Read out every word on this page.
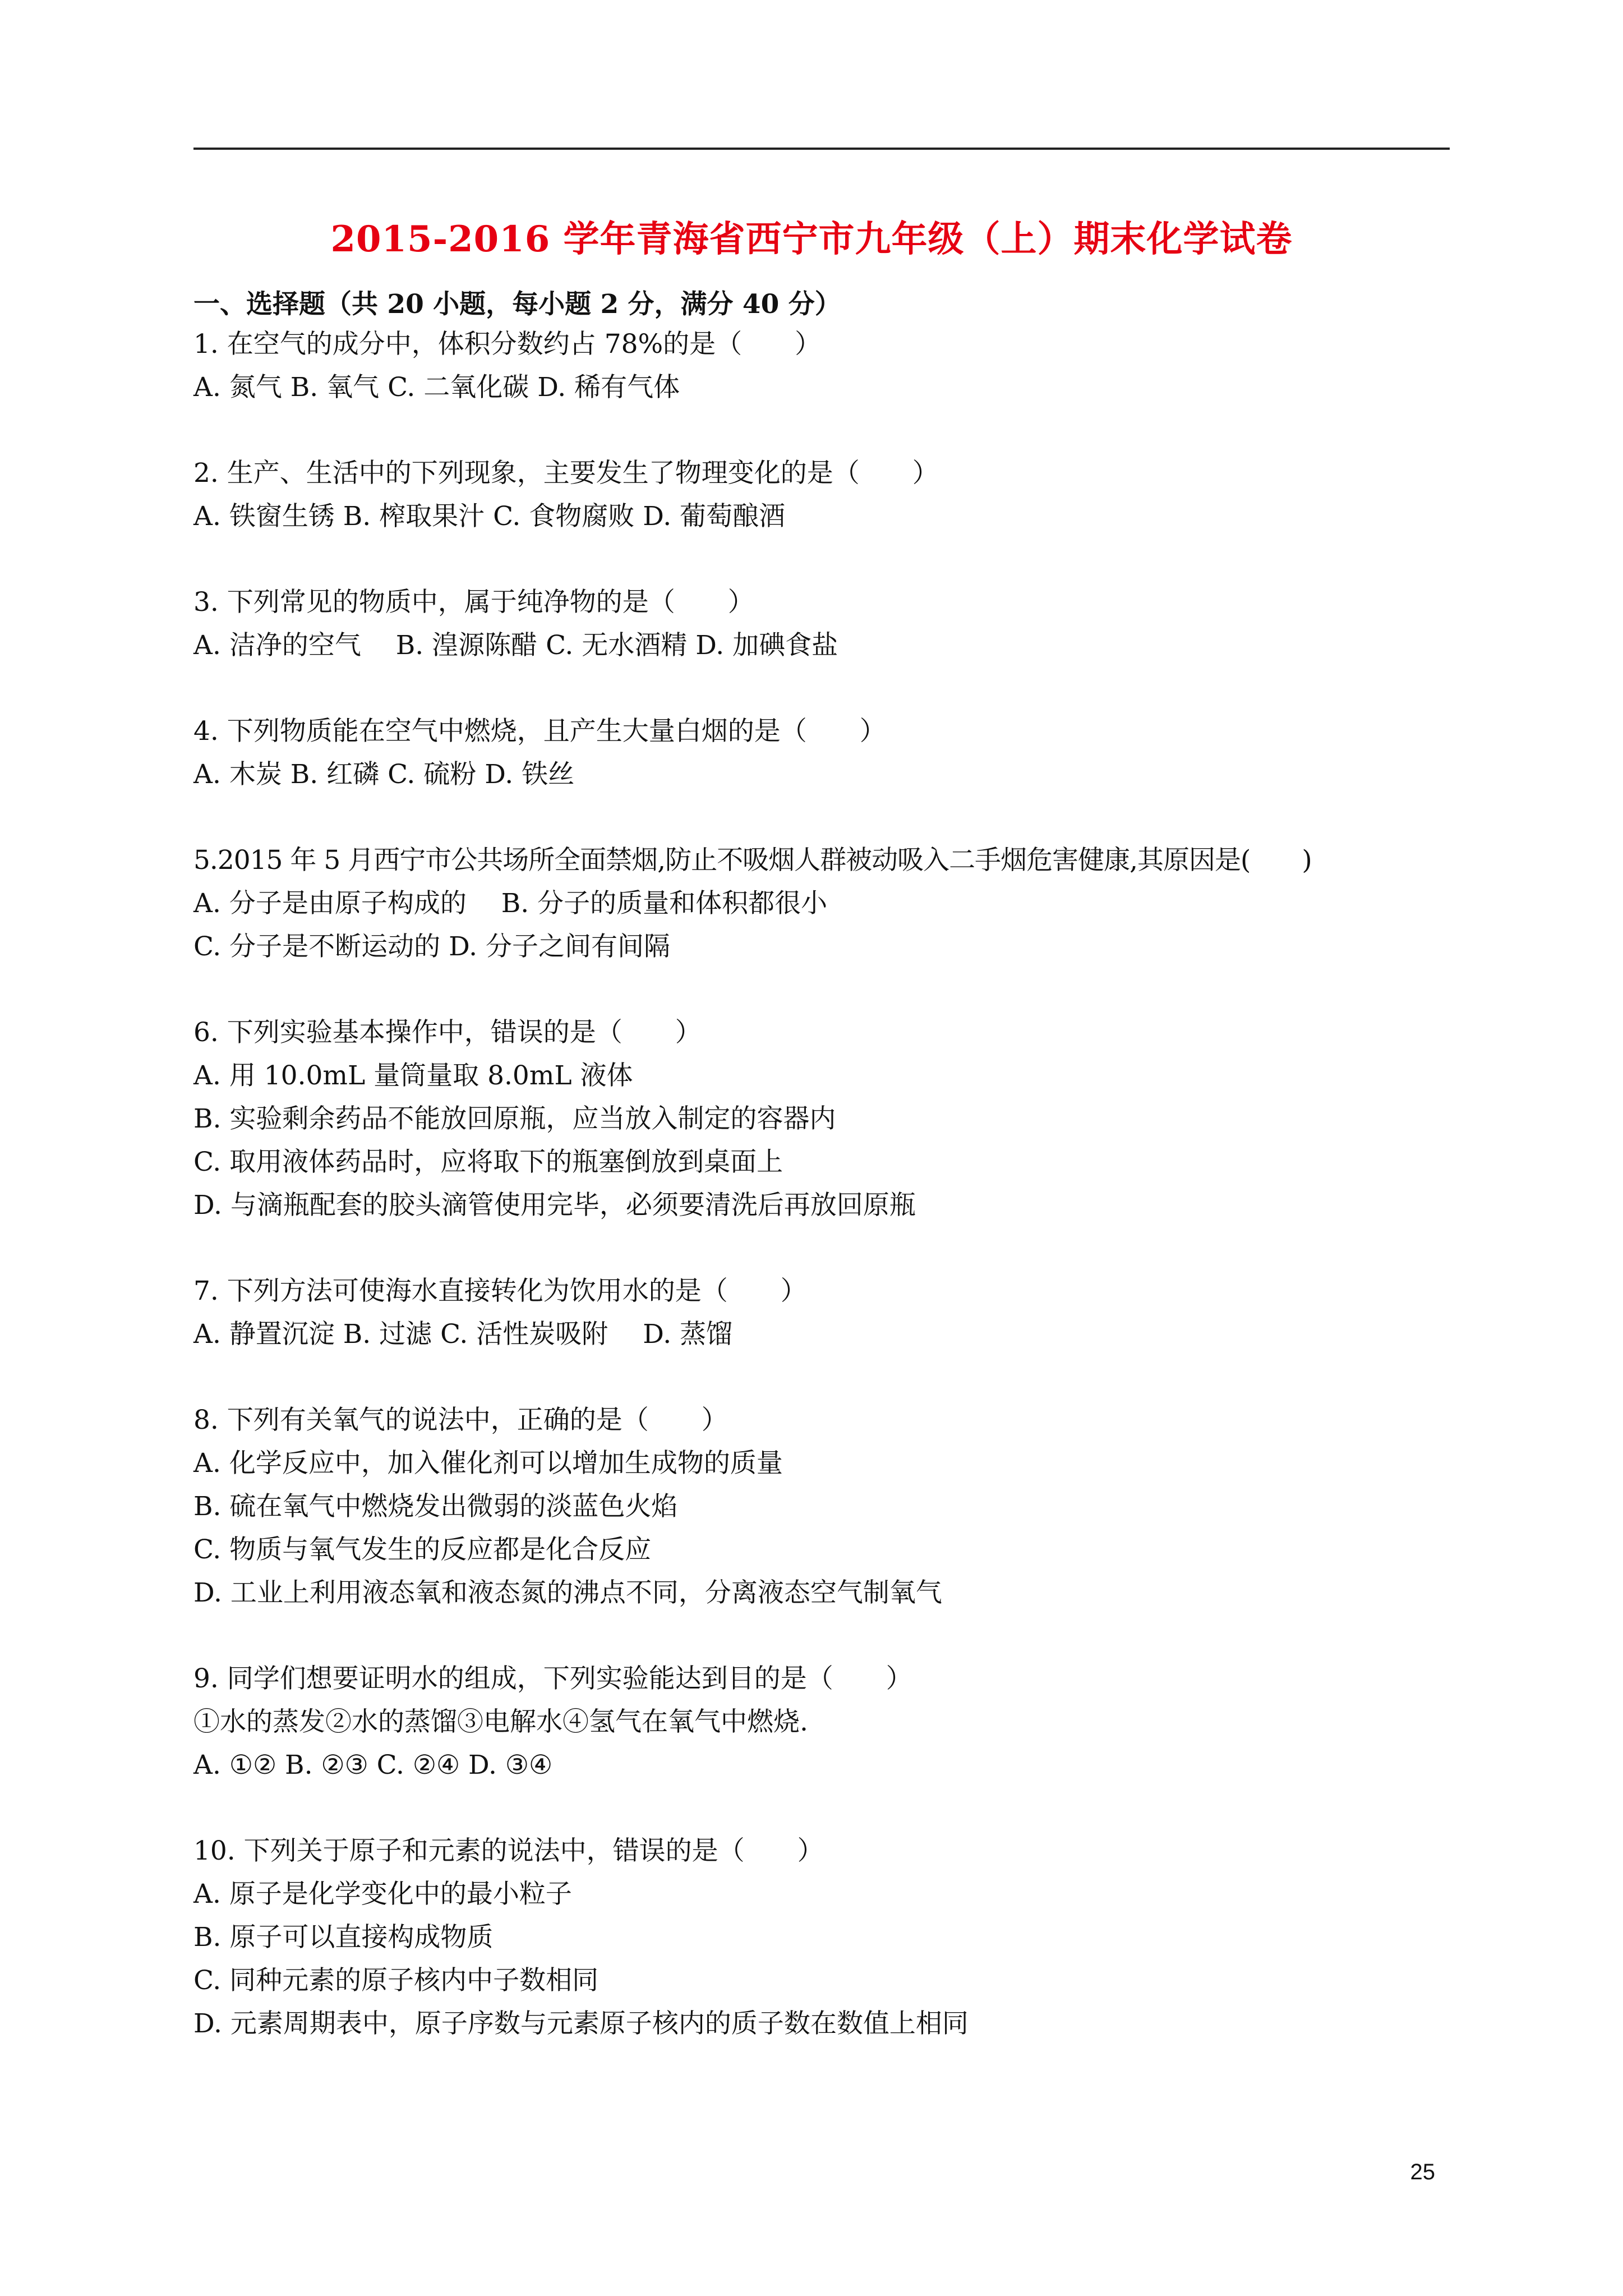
2015-2016 学年青海省西宁市九年级（上）期末化学试卷
一、选择题（共 20 小题，每小题 2 分，满分 40 分）
1. 在空气的成分中，体积分数约占 78%的是（　　）
A. 氮气 B. 氧气 C. 二氧化碳 D. 稀有气体
2. 生产、生活中的下列现象，主要发生了物理变化的是（　　）
A. 铁窗生锈 B. 榨取果汁 C. 食物腐败 D. 葡萄酿酒
3. 下列常见的物质中，属于纯净物的是（　　）
A. 洁净的空气　 B. 湟源陈醋 C. 无水酒精 D. 加碘食盐
4. 下列物质能在空气中燃烧，且产生大量白烟的是（　　）
A. 木炭 B. 红磷 C. 硫粉 D. 铁丝
5.2015 年 5 月西宁市公共场所全面禁烟,防止不吸烟人群被动吸入二手烟危害健康,其原因是(　　)
A. 分子是由原子构成的　 B. 分子的质量和体积都很小
C. 分子是不断运动的 D. 分子之间有间隔
6. 下列实验基本操作中，错误的是（　　）
A. 用 10.0mL 量筒量取 8.0mL 液体
B. 实验剩余药品不能放回原瓶，应当放入制定的容器内
C. 取用液体药品时，应将取下的瓶塞倒放到桌面上
D. 与滴瓶配套的胶头滴管使用完毕，必须要清洗后再放回原瓶
7. 下列方法可使海水直接转化为饮用水的是（　　）
A. 静置沉淀 B. 过滤 C. 活性炭吸附　 D. 蒸馏
8. 下列有关氧气的说法中，正确的是（　　）
A. 化学反应中，加入催化剂可以增加生成物的质量
B. 硫在氧气中燃烧发出微弱的淡蓝色火焰
C. 物质与氧气发生的反应都是化合反应
D. 工业上利用液态氧和液态氮的沸点不同，分离液态空气制氧气
9. 同学们想要证明水的组成，下列实验能达到目的是（　　）
①水的蒸发②水的蒸馏③电解水④氢气在氧气中燃烧.
A. ①② B. ②③ C. ②④ D. ③④
10. 下列关于原子和元素的说法中，错误的是（　　）
A. 原子是化学变化中的最小粒子
B. 原子可以直接构成物质
C. 同种元素的原子核内中子数相同
D. 元素周期表中，原子序数与元素原子核内的质子数在数值上相同
25
